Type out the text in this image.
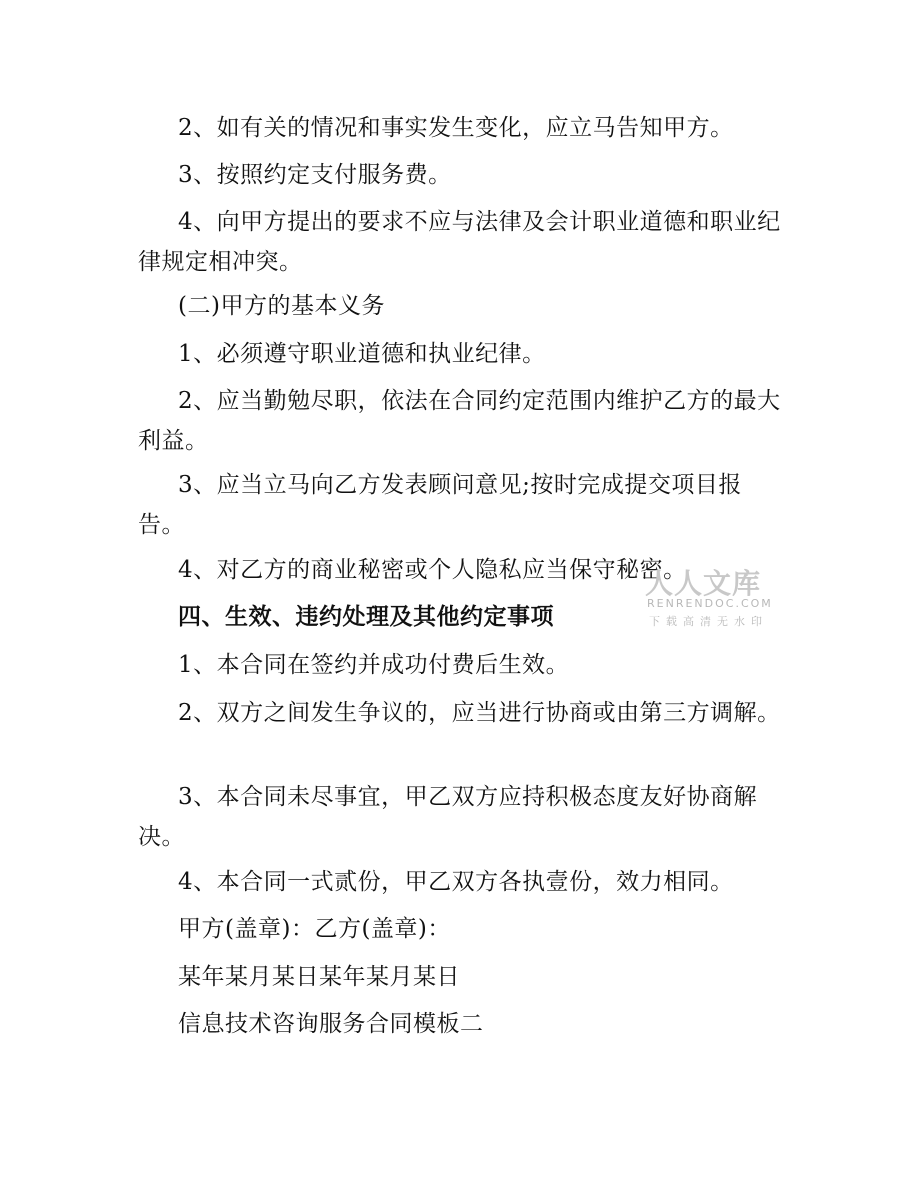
2、如有关的情况和事实发生变化，应立马告知甲方。

3、按照约定支付服务费。

4、向甲方提出的要求不应与法律及会计职业道德和职业纪律规定相冲突。

(二)甲方的基本义务

1、必须遵守职业道德和执业纪律。

2、应当勤勉尽职，依法在合同约定范围内维护乙方的最大利益。

3、应当立马向乙方发表顾问意见;按时完成提交项目报告。

4、对乙方的商业秘密或个人隐私应当保守秘密。

四、生效、违约处理及其他约定事项

1、本合同在签约并成功付费后生效。

2、双方之间发生争议的，应当进行协商或由第三方调解。

3、本合同未尽事宜，甲乙双方应持积极态度友好协商解决。

4、本合同一式贰份，甲乙双方各执壹份，效力相同。

甲方(盖章)：乙方(盖章)：

某年某月某日某年某月某日

信息技术咨询服务合同模板二

人人文库
RENRENDOC.COM
下载高清无水印
